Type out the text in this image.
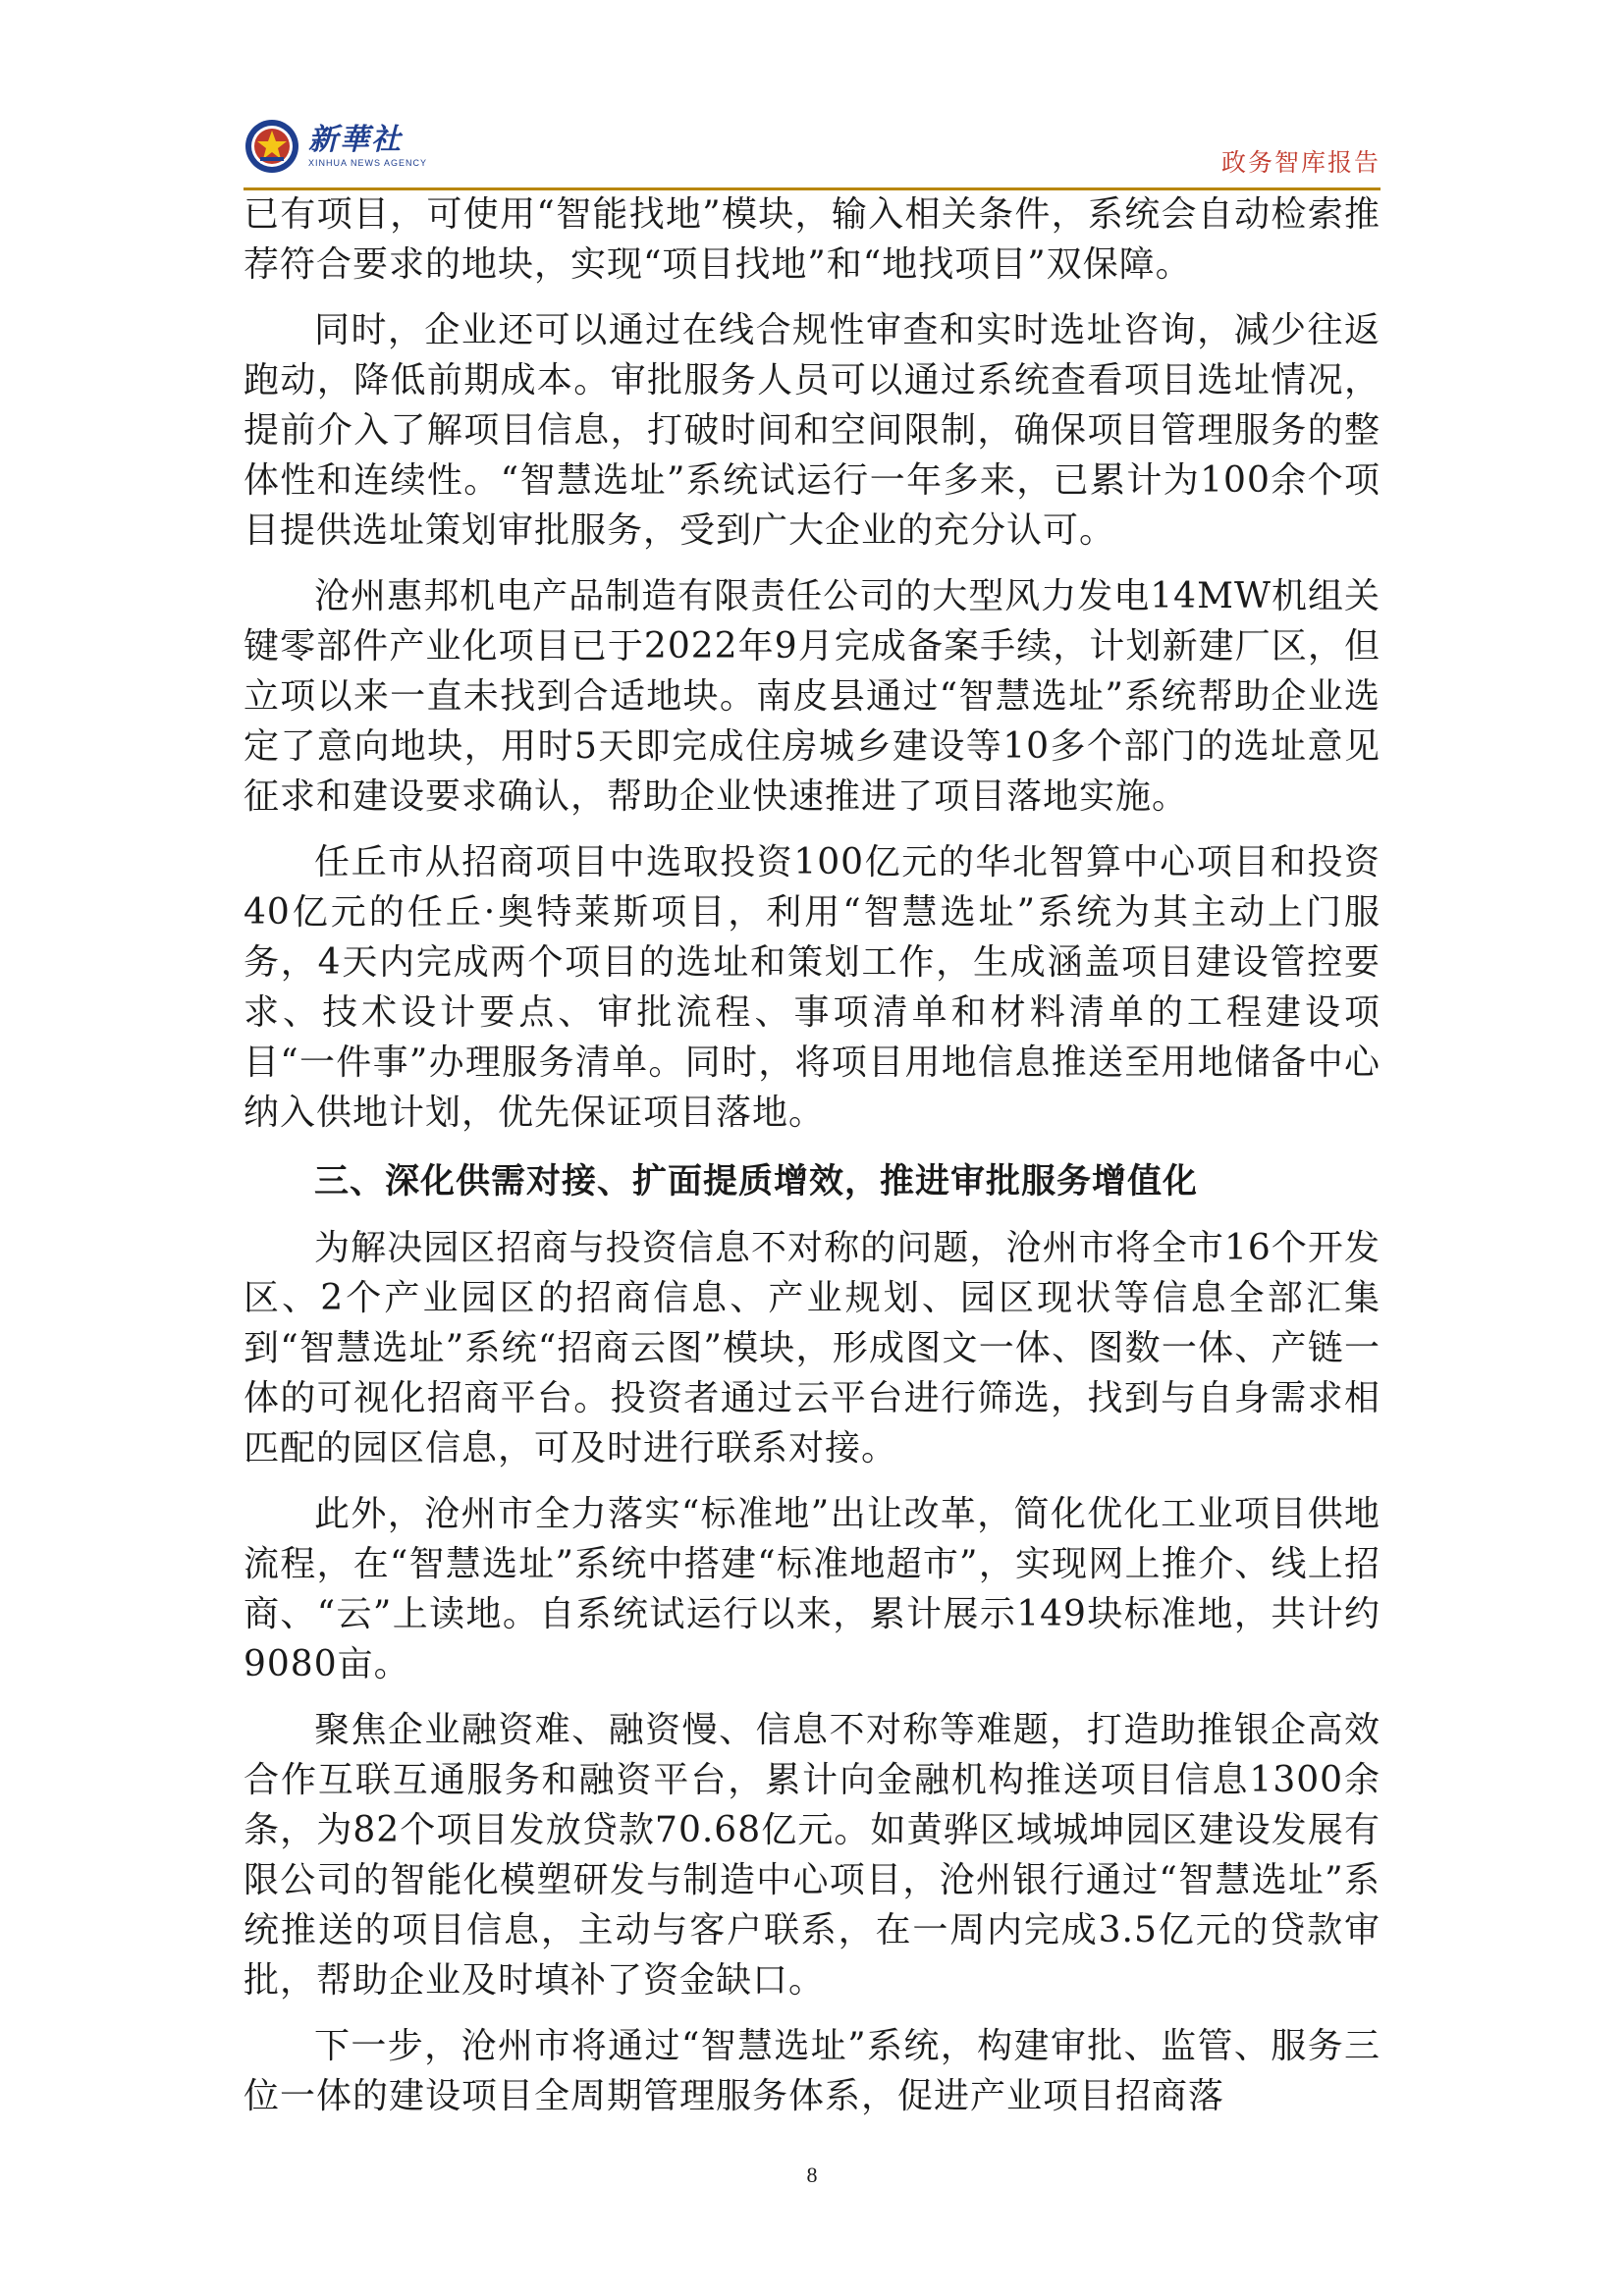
新華社
XINHUA NEWS AGENCY	政务智库报告

已有项目，可使用“智能找地”模块，输入相关条件，系统会自动检索推荐符合要求的地块，实现“项目找地”和“地找项目”双保障。

同时，企业还可以通过在线合规性审查和实时选址咨询，减少往返跑动，降低前期成本。审批服务人员可以通过系统查看项目选址情况，提前介入了解项目信息，打破时间和空间限制，确保项目管理服务的整体性和连续性。“智慧选址”系统试运行一年多来，已累计为100余个项目提供选址策划审批服务，受到广大企业的充分认可。

沧州惠邦机电产品制造有限责任公司的大型风力发电14MW机组关键零部件产业化项目已于2022年9月完成备案手续，计划新建厂区，但立项以来一直未找到合适地块。南皮县通过“智慧选址”系统帮助企业选定了意向地块，用时5天即完成住房城乡建设等10多个部门的选址意见征求和建设要求确认，帮助企业快速推进了项目落地实施。

任丘市从招商项目中选取投资100亿元的华北智算中心项目和投资40亿元的任丘·奥特莱斯项目，利用“智慧选址”系统为其主动上门服务，4天内完成两个项目的选址和策划工作，生成涵盖项目建设管控要求、技术设计要点、审批流程、事项清单和材料清单的工程建设项目“一件事”办理服务清单。同时，将项目用地信息推送至用地储备中心纳入供地计划，优先保证项目落地。

三、深化供需对接、扩面提质增效，推进审批服务增值化

为解决园区招商与投资信息不对称的问题，沧州市将全市16个开发区、2个产业园区的招商信息、产业规划、园区现状等信息全部汇集到“智慧选址”系统“招商云图”模块，形成图文一体、图数一体、产链一体的可视化招商平台。投资者通过云平台进行筛选，找到与自身需求相匹配的园区信息，可及时进行联系对接。

此外，沧州市全力落实“标准地”出让改革，简化优化工业项目供地流程，在“智慧选址”系统中搭建“标准地超市”，实现网上推介、线上招商、“云”上读地。自系统试运行以来，累计展示149块标准地，共计约9080亩。

聚焦企业融资难、融资慢、信息不对称等难题，打造助推银企高效合作互联互通服务和融资平台，累计向金融机构推送项目信息1300余条，为82个项目发放贷款70.68亿元。如黄骅区域城坤园区建设发展有限公司的智能化模塑研发与制造中心项目，沧州银行通过“智慧选址”系统推送的项目信息，主动与客户联系，在一周内完成3.5亿元的贷款审批，帮助企业及时填补了资金缺口。

下一步，沧州市将通过“智慧选址”系统，构建审批、监管、服务三位一体的建设项目全周期管理服务体系，促进产业项目招商落

8
